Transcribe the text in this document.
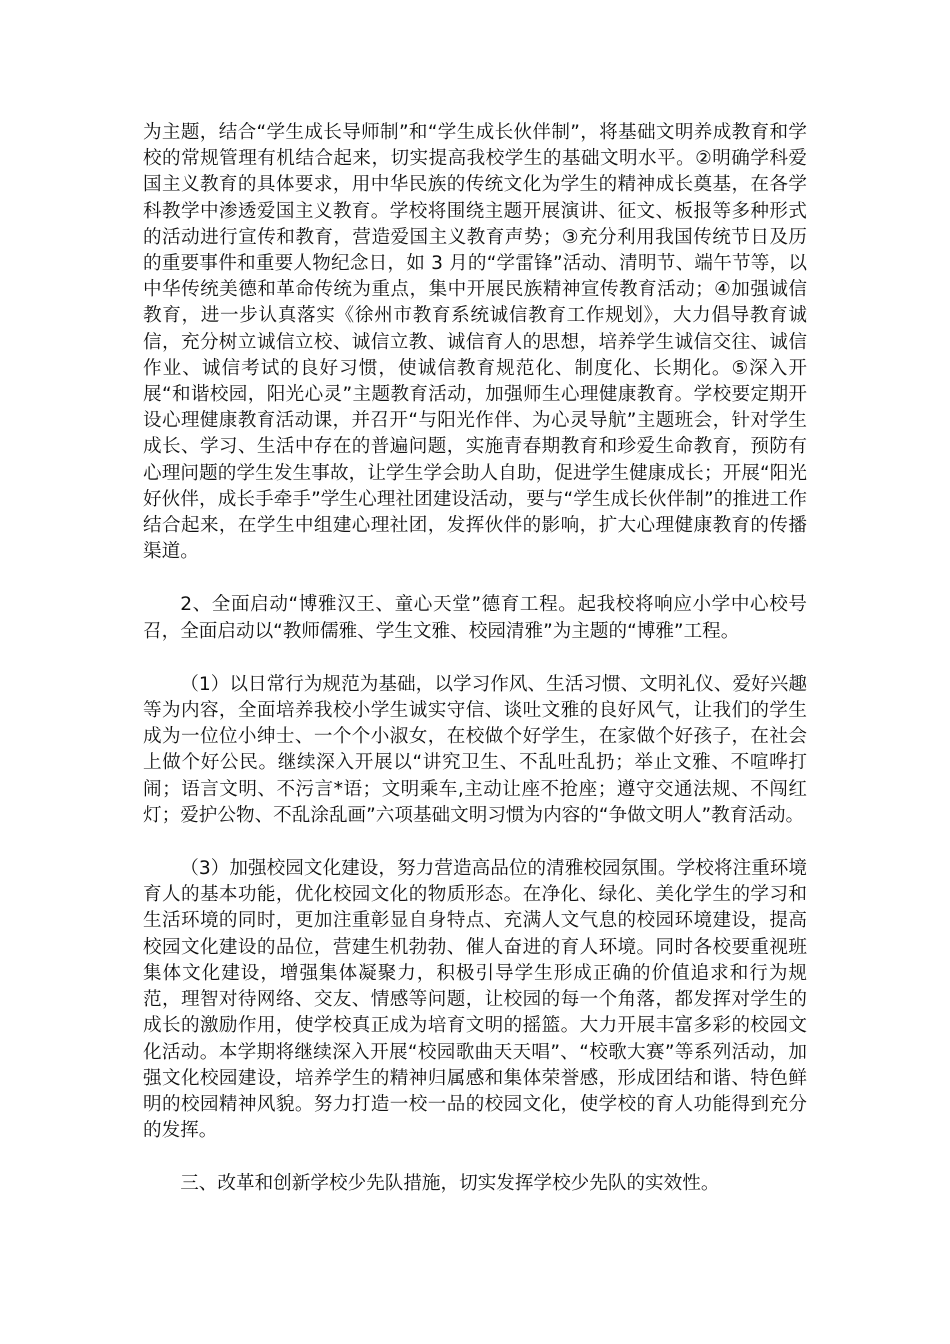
为主题，结合“学生成长导师制”和“学生成长伙伴制”，将基础文明养成教育和学校的常规管理有机结合起来，切实提高我校学生的基础文明水平。②明确学科爱国主义教育的具体要求，用中华民族的传统文化为学生的精神成长奠基，在各学科教学中渗透爱国主义教育。学校将围绕主题开展演讲、征文、板报等多种形式的活动进行宣传和教育，营造爱国主义教育声势；③充分利用我国传统节日及历的重要事件和重要人物纪念日，如 3 月的“学雷锋”活动、清明节、端午节等，以中华传统美德和革命传统为重点，集中开展民族精神宣传教育活动；④加强诚信教育，进一步认真落实《徐州市教育系统诚信教育工作规划》，大力倡导教育诚信，充分树立诚信立校、诚信立教、诚信育人的思想，培养学生诚信交往、诚信作业、诚信考试的良好习惯，使诚信教育规范化、制度化、长期化。⑤深入开展“和谐校园，阳光心灵”主题教育活动，加强师生心理健康教育。学校要定期开设心理健康教育活动课，并召开“与阳光作伴、为心灵导航”主题班会，针对学生成长、学习、生活中存在的普遍问题，实施青春期教育和珍爱生命教育，预防有心理问题的学生发生事故，让学生学会助人自助，促进学生健康成长；开展“阳光好伙伴，成长手牵手”学生心理社团建设活动，要与“学生成长伙伴制”的推进工作结合起来，在学生中组建心理社团，发挥伙伴的影响，扩大心理健康教育的传播渠道。

2、全面启动“博雅汉王、童心天堂”德育工程。起我校将响应小学中心校号召，全面启动以“教师儒雅、学生文雅、校园清雅”为主题的“博雅”工程。

（1）以日常行为规范为基础，以学习作风、生活习惯、文明礼仪、爱好兴趣等为内容，全面培养我校小学生诚实守信、谈吐文雅的良好风气，让我们的学生成为一位位小绅士、一个个小淑女，在校做个好学生，在家做个好孩子，在社会上做个好公民。继续深入开展以“讲究卫生、不乱吐乱扔；举止文雅、不喧哗打闹；语言文明、不污言*语；文明乘车,主动让座不抢座；遵守交通法规、不闯红灯；爱护公物、不乱涂乱画”六项基础文明习惯为内容的“争做文明人”教育活动。

（3）加强校园文化建设，努力营造高品位的清雅校园氛围。学校将注重环境育人的基本功能，优化校园文化的物质形态。在净化、绿化、美化学生的学习和生活环境的同时，更加注重彰显自身特点、充满人文气息的校园环境建设，提高校园文化建设的品位，营建生机勃勃、催人奋进的育人环境。同时各校要重视班集体文化建设，增强集体凝聚力，积极引导学生形成正确的价值追求和行为规范，理智对待网络、交友、情感等问题，让校园的每一个角落，都发挥对学生的成长的激励作用，使学校真正成为培育文明的摇篮。大力开展丰富多彩的校园文化活动。本学期将继续深入开展“校园歌曲天天唱”、“校歌大赛”等系列活动，加强文化校园建设，培养学生的精神归属感和集体荣誉感，形成团结和谐、特色鲜明的校园精神风貌。努力打造一校一品的校园文化，使学校的育人功能得到充分的发挥。

三、改革和创新学校少先队措施，切实发挥学校少先队的实效性。
